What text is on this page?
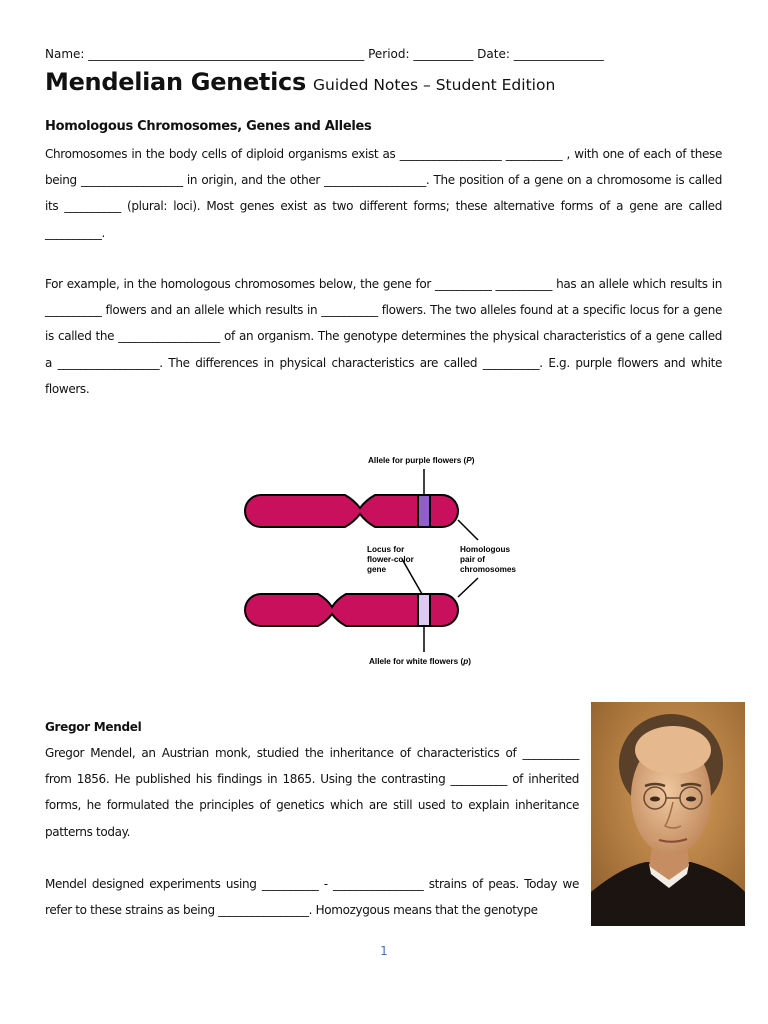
Name: ______________________________________________ Period: __________ Date: _______________
Mendelian Genetics Guided Notes – Student Edition
Homologous Chromosomes, Genes and Alleles

Chromosomes in the body cells of diploid organisms exist as __________________ __________ , with one of each of these being __________________ in origin, and the other __________________. The position of a gene on a chromosome is called its __________ (plural: loci). Most genes exist as two different forms; these alternative forms of a gene are called __________.

For example, in the homologous chromosomes below, the gene for __________ __________ has an allele which results in __________ flowers and an allele which results in __________ flowers. The two alleles found at a specific locus for a gene is called the __________________ of an organism. The genotype determines the physical characteristics of a gene called a __________________. The differences in physical characteristics are called __________. E.g. purple flowers and white flowers.

Allele for purple flowers (P)
Locus for flower-color gene
Homologous pair of chromosomes
Allele for white flowers (p)
Gregor Mendel

Gregor Mendel, an Austrian monk, studied the inheritance of characteristics of __________ from 1856. He published his findings in 1865. Using the contrasting __________ of inherited forms, he formulated the principles of genetics which are still used to explain inheritance patterns today.

Mendel designed experiments using __________ - ________________ strains of peas. Today we refer to these strains as being ________________. Homozygous means that the genotype

1
